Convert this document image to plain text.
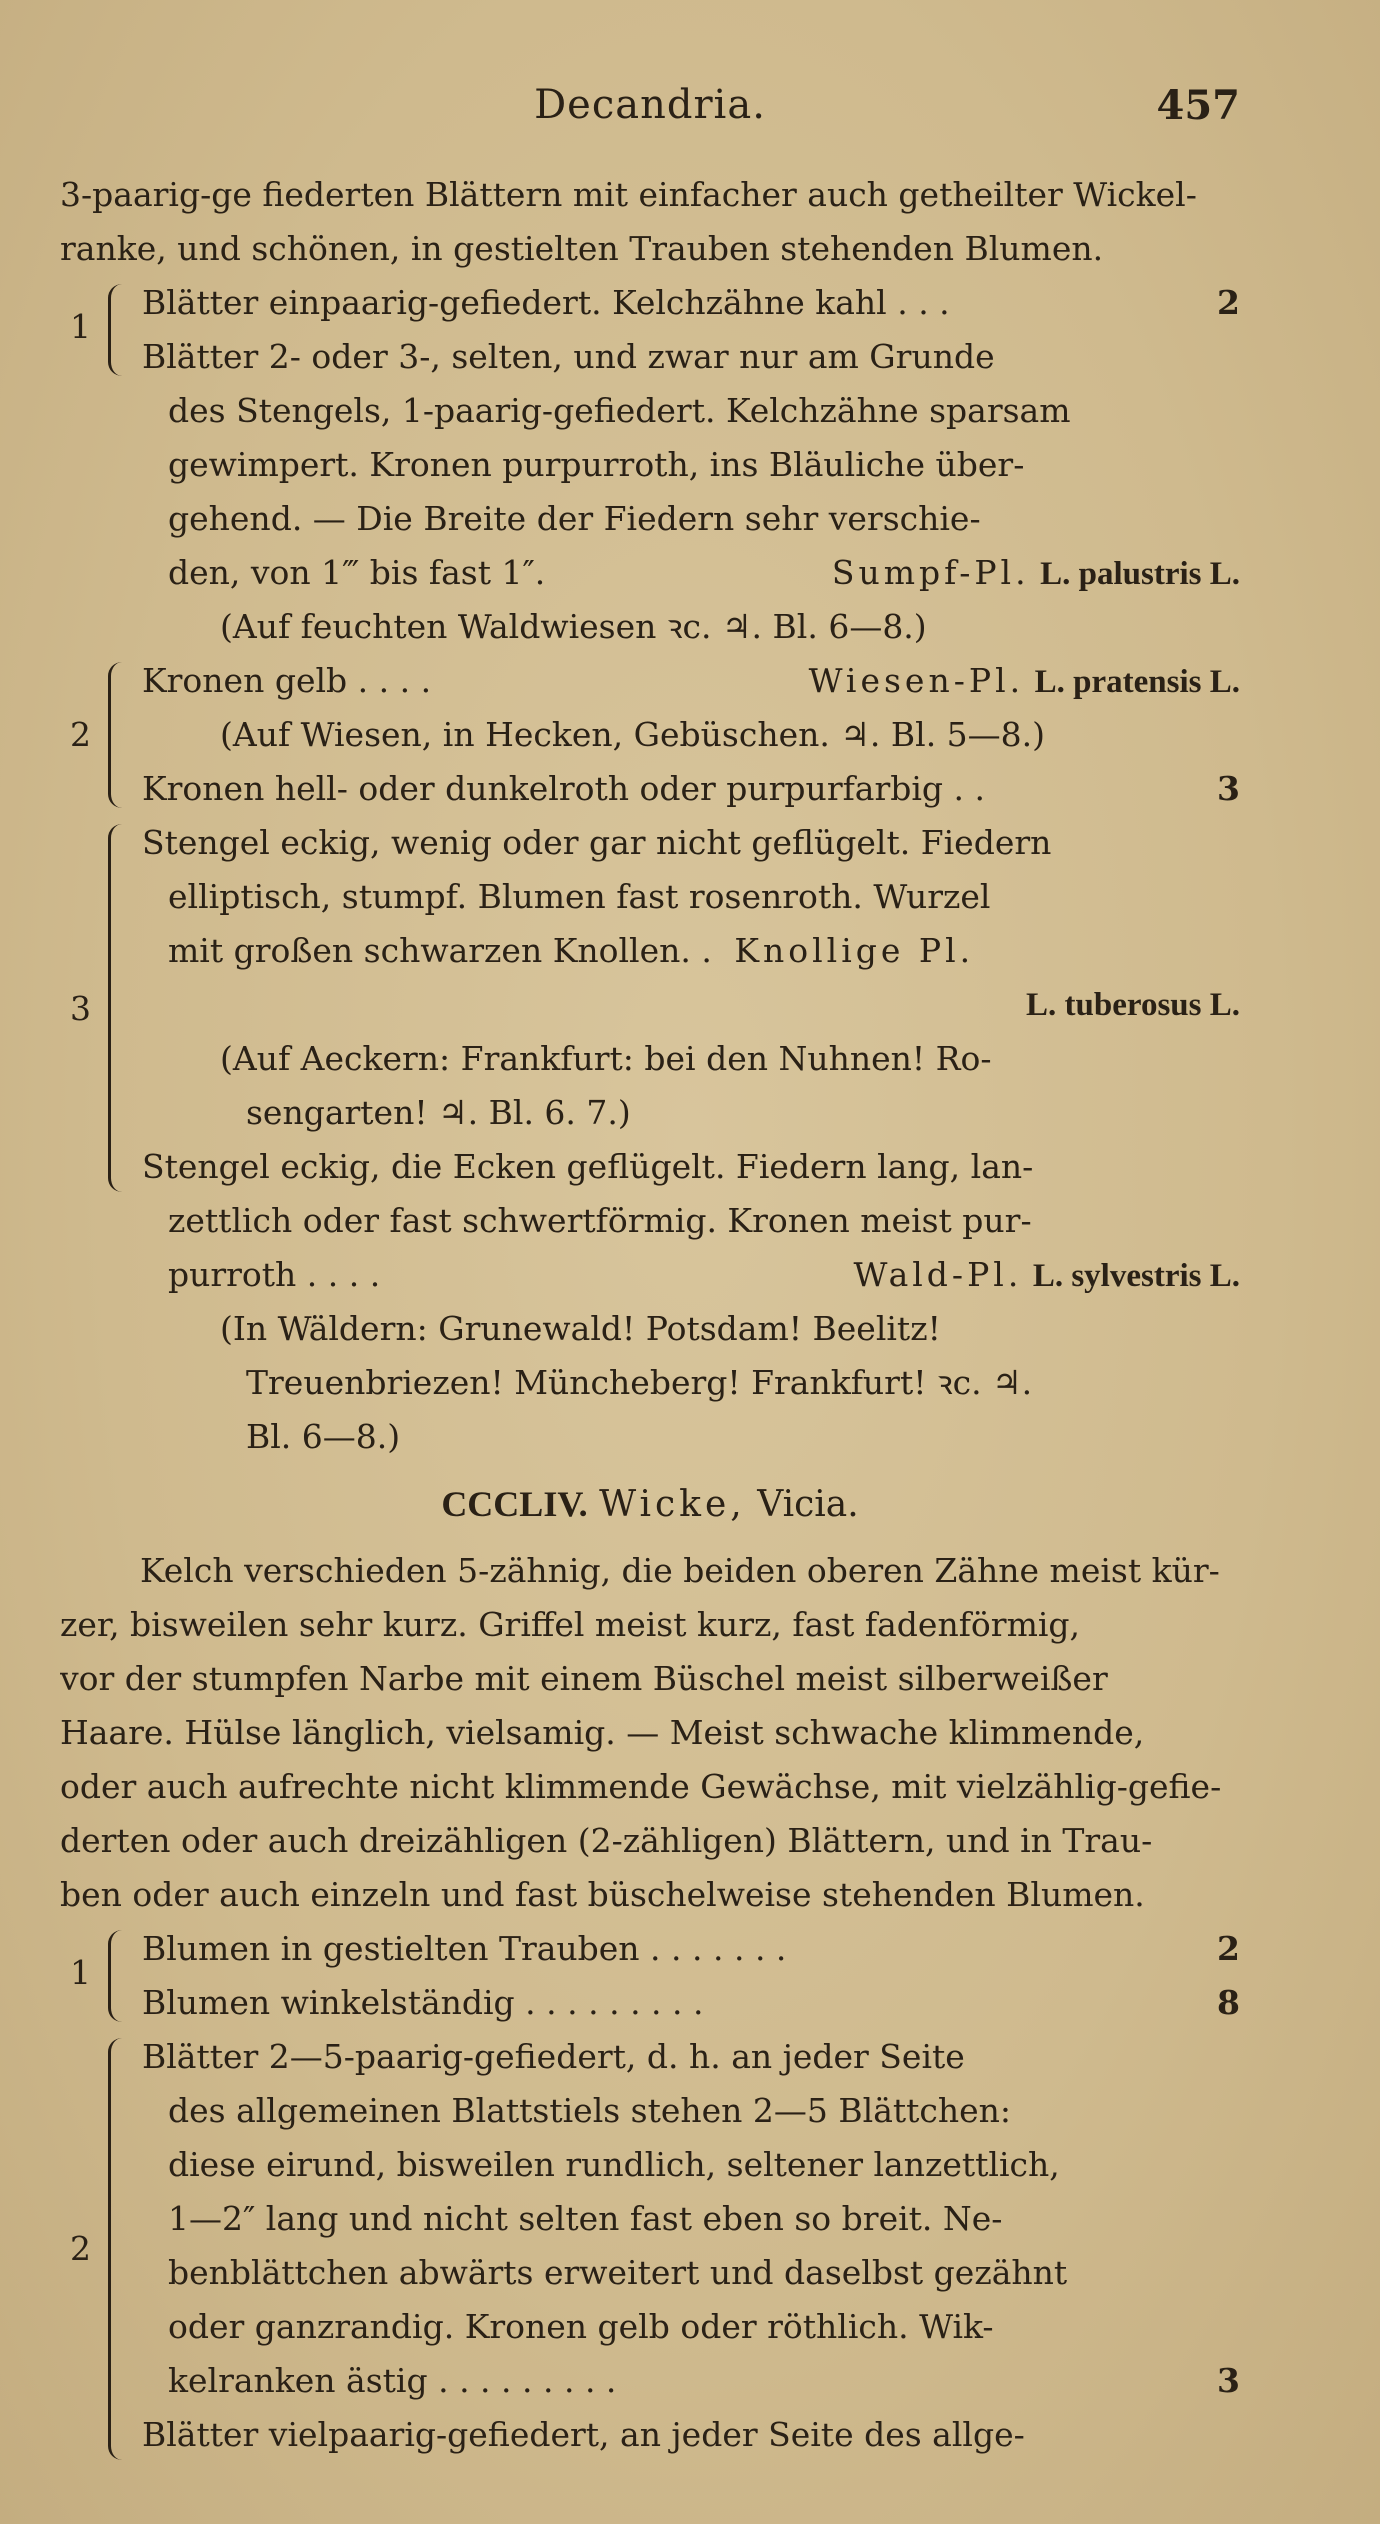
Decandria.	457
3-paarig-ge fiederten Blättern mit einfacher auch getheilter Wickel-
ranke, und schönen, in gestielten Trauben stehenden Blumen.
1
Blätter einpaarig-gefiedert. Kelchzähne kahl . . .	2
Blätter 2- oder 3-, selten, und zwar nur am Grunde
des Stengels, 1-paarig-gefiedert. Kelchzähne sparsam
gewimpert. Kronen purpurroth, ins Bläuliche über-
gehend. — Die Breite der Fiedern sehr verschie-
den, von 1‴ bis fast 1″.	Sumpf-Pl. L. palustris L.
(Auf feuchten Waldwiesen ꝛc. ♃. Bl. 6—8.)
2
Kronen gelb . . . .	Wiesen-Pl. L. pratensis L.
(Auf Wiesen, in Hecken, Gebüschen. ♃. Bl. 5—8.)
Kronen hell- oder dunkelroth oder purpurfarbig . .	3
3
Stengel eckig, wenig oder gar nicht geflügelt. Fiedern
elliptisch, stumpf. Blumen fast rosenroth. Wurzel
mit großen schwarzen Knollen. . Knollige Pl.
L. tuberosus L.
(Auf Aeckern: Frankfurt: bei den Nuhnen! Ro-
sengarten! ♃. Bl. 6. 7.)
Stengel eckig, die Ecken geflügelt. Fiedern lang, lan-
zettlich oder fast schwertförmig. Kronen meist pur-
purroth . . . .	Wald-Pl. L. sylvestris L.
(In Wäldern: Grunewald! Potsdam! Beelitz!
Treuenbriezen! Müncheberg! Frankfurt! ꝛc. ♃.
Bl. 6—8.)
CCCLIV. Wicke, Vicia.
Kelch verschieden 5-zähnig, die beiden oberen Zähne meist kür-
zer, bisweilen sehr kurz. Griffel meist kurz, fast fadenförmig,
vor der stumpfen Narbe mit einem Büschel meist silberweißer
Haare. Hülse länglich, vielsamig. — Meist schwache klimmende,
oder auch aufrechte nicht klimmende Gewächse, mit vielzählig-gefie-
derten oder auch dreizähligen (2-zähligen) Blättern, und in Trau-
ben oder auch einzeln und fast büschelweise stehenden Blumen.
1
Blumen in gestielten Trauben . . . . . . .	2
Blumen winkelständig . . . . . . . . .	8
2
Blätter 2—5-paarig-gefiedert, d. h. an jeder Seite
des allgemeinen Blattstiels stehen 2—5 Blättchen:
diese eirund, bisweilen rundlich, seltener lanzettlich,
1—2″ lang und nicht selten fast eben so breit. Ne-
benblättchen abwärts erweitert und daselbst gezähnt
oder ganzrandig. Kronen gelb oder röthlich. Wik-
kelranken ästig . . . . . . . . .	3
Blätter vielpaarig-gefiedert, an jeder Seite des allge-
